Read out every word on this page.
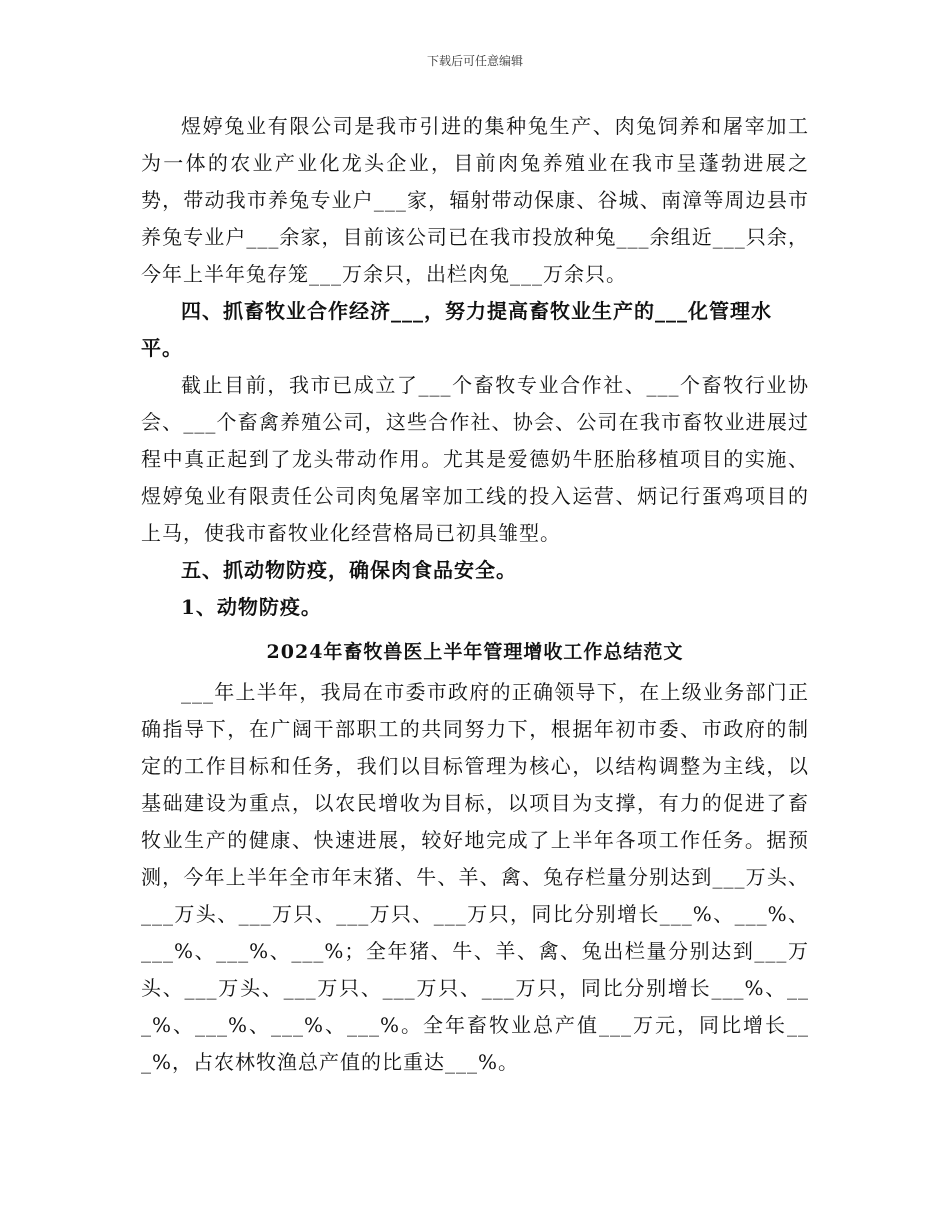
下载后可任意编辑

煜婷兔业有限公司是我市引进的集种兔生产、肉兔饲养和屠宰加工为一体的农业产业化龙头企业，目前肉兔养殖业在我市呈蓬勃进展之势，带动我市养兔专业户___家，辐射带动保康、谷城、南漳等周边县市养兔专业户___余家，目前该公司已在我市投放种兔___余组近___只余，今年上半年兔存笼___万余只，出栏肉兔___万余只。

四、抓畜牧业合作经济___，努力提高畜牧业生产的___化管理水平。

截止目前，我市已成立了___个畜牧专业合作社、___个畜牧行业协会、___个畜禽养殖公司，这些合作社、协会、公司在我市畜牧业进展过程中真正起到了龙头带动作用。尤其是爱德奶牛胚胎移植项目的实施、煜婷兔业有限责任公司肉兔屠宰加工线的投入运营、炳记行蛋鸡项目的上马，使我市畜牧业化经营格局已初具雏型。

五、抓动物防疫，确保肉食品安全。

1、动物防疫。

2024年畜牧兽医上半年管理增收工作总结范文

___年上半年，我局在市委市政府的正确领导下，在上级业务部门正确指导下，在广阔干部职工的共同努力下，根据年初市委、市政府的制定的工作目标和任务，我们以目标管理为核心，以结构调整为主线，以基础建设为重点，以农民增收为目标，以项目为支撑，有力的促进了畜牧业生产的健康、快速进展，较好地完成了上半年各项工作任务。据预测，今年上半年全市年末猪、牛、羊、禽、兔存栏量分别达到___万头、___万头、___万只、___万只、___万只，同比分别增长___%、___%、___%、___%、___%；全年猪、牛、羊、禽、兔出栏量分别达到___万头、___万头、___万只、___万只、___万只，同比分别增长___%、___%、___%、___%、___%。全年畜牧业总产值___万元，同比增长___%，占农林牧渔总产值的比重达___%。
